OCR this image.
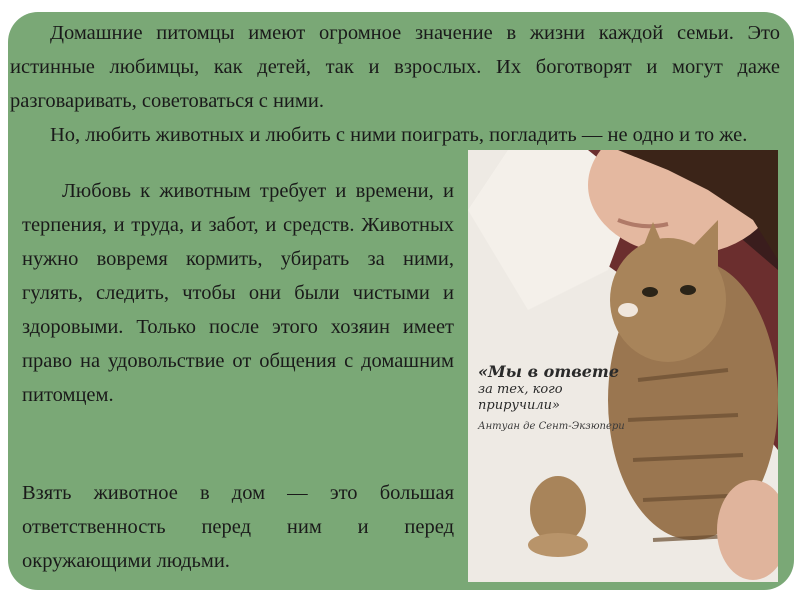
Домашние питомцы имеют огромное значение в жизни каждой семьи. Это истинные любимцы, как детей, так и взрослых. Их боготворят и могут даже разговаривать, советоваться с ними.

Но, любить животных и любить с ними поиграть, погладить — не одно и то же.

Любовь к животным требует и времени, и терпения, и труда, и забот, и средств. Животных нужно вовремя кормить, убирать за ними, гулять, следить, чтобы они были чистыми и здоровыми. Только после этого хозяин имеет право на удовольствие от общения с домашним питомцем.

Взять животное в дом — это большая ответственность перед ним и перед окружающими людьми.

«Мы в ответе
за тех, кого приручили»
Антуан де Сент-Экзюпери
